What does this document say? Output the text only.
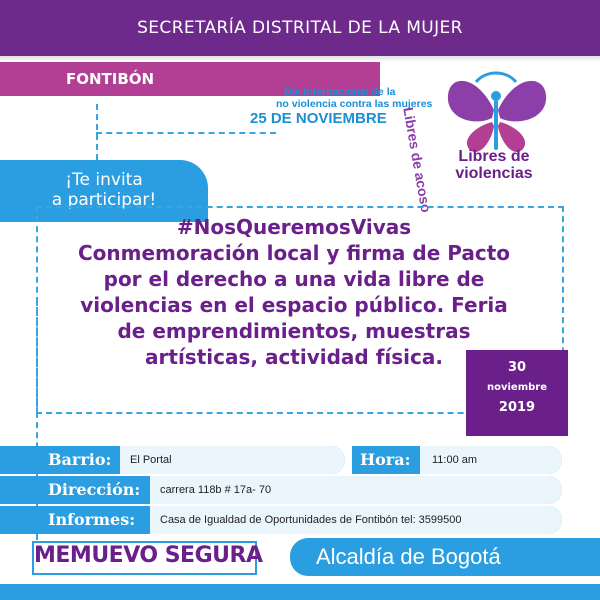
SECRETARÍA DISTRITAL DE LA MUJER
FONTIBÓN
Día Internacional de la
no violencia contra las mujeres
25 DE NOVIEMBRE Libres de acoso	Libres de violencias
¡Te invita
a participar!
#NosQueremosVivas
Conmemoración local y firma de Pacto
por el derecho a una vida libre de
violencias en el espacio público. Feria
de emprendimientos, muestras
artísticas, actividad física.	30
noviembre
2019
Barrio: El Portal	Hora: 11:00 am
Dirección: carrera 118b # 17a- 70
Informes: Casa de Igualdad de Oportunidades de Fontibón tel: 3599500
MEMUEVO SEGURA Alcaldía de Bogotá
